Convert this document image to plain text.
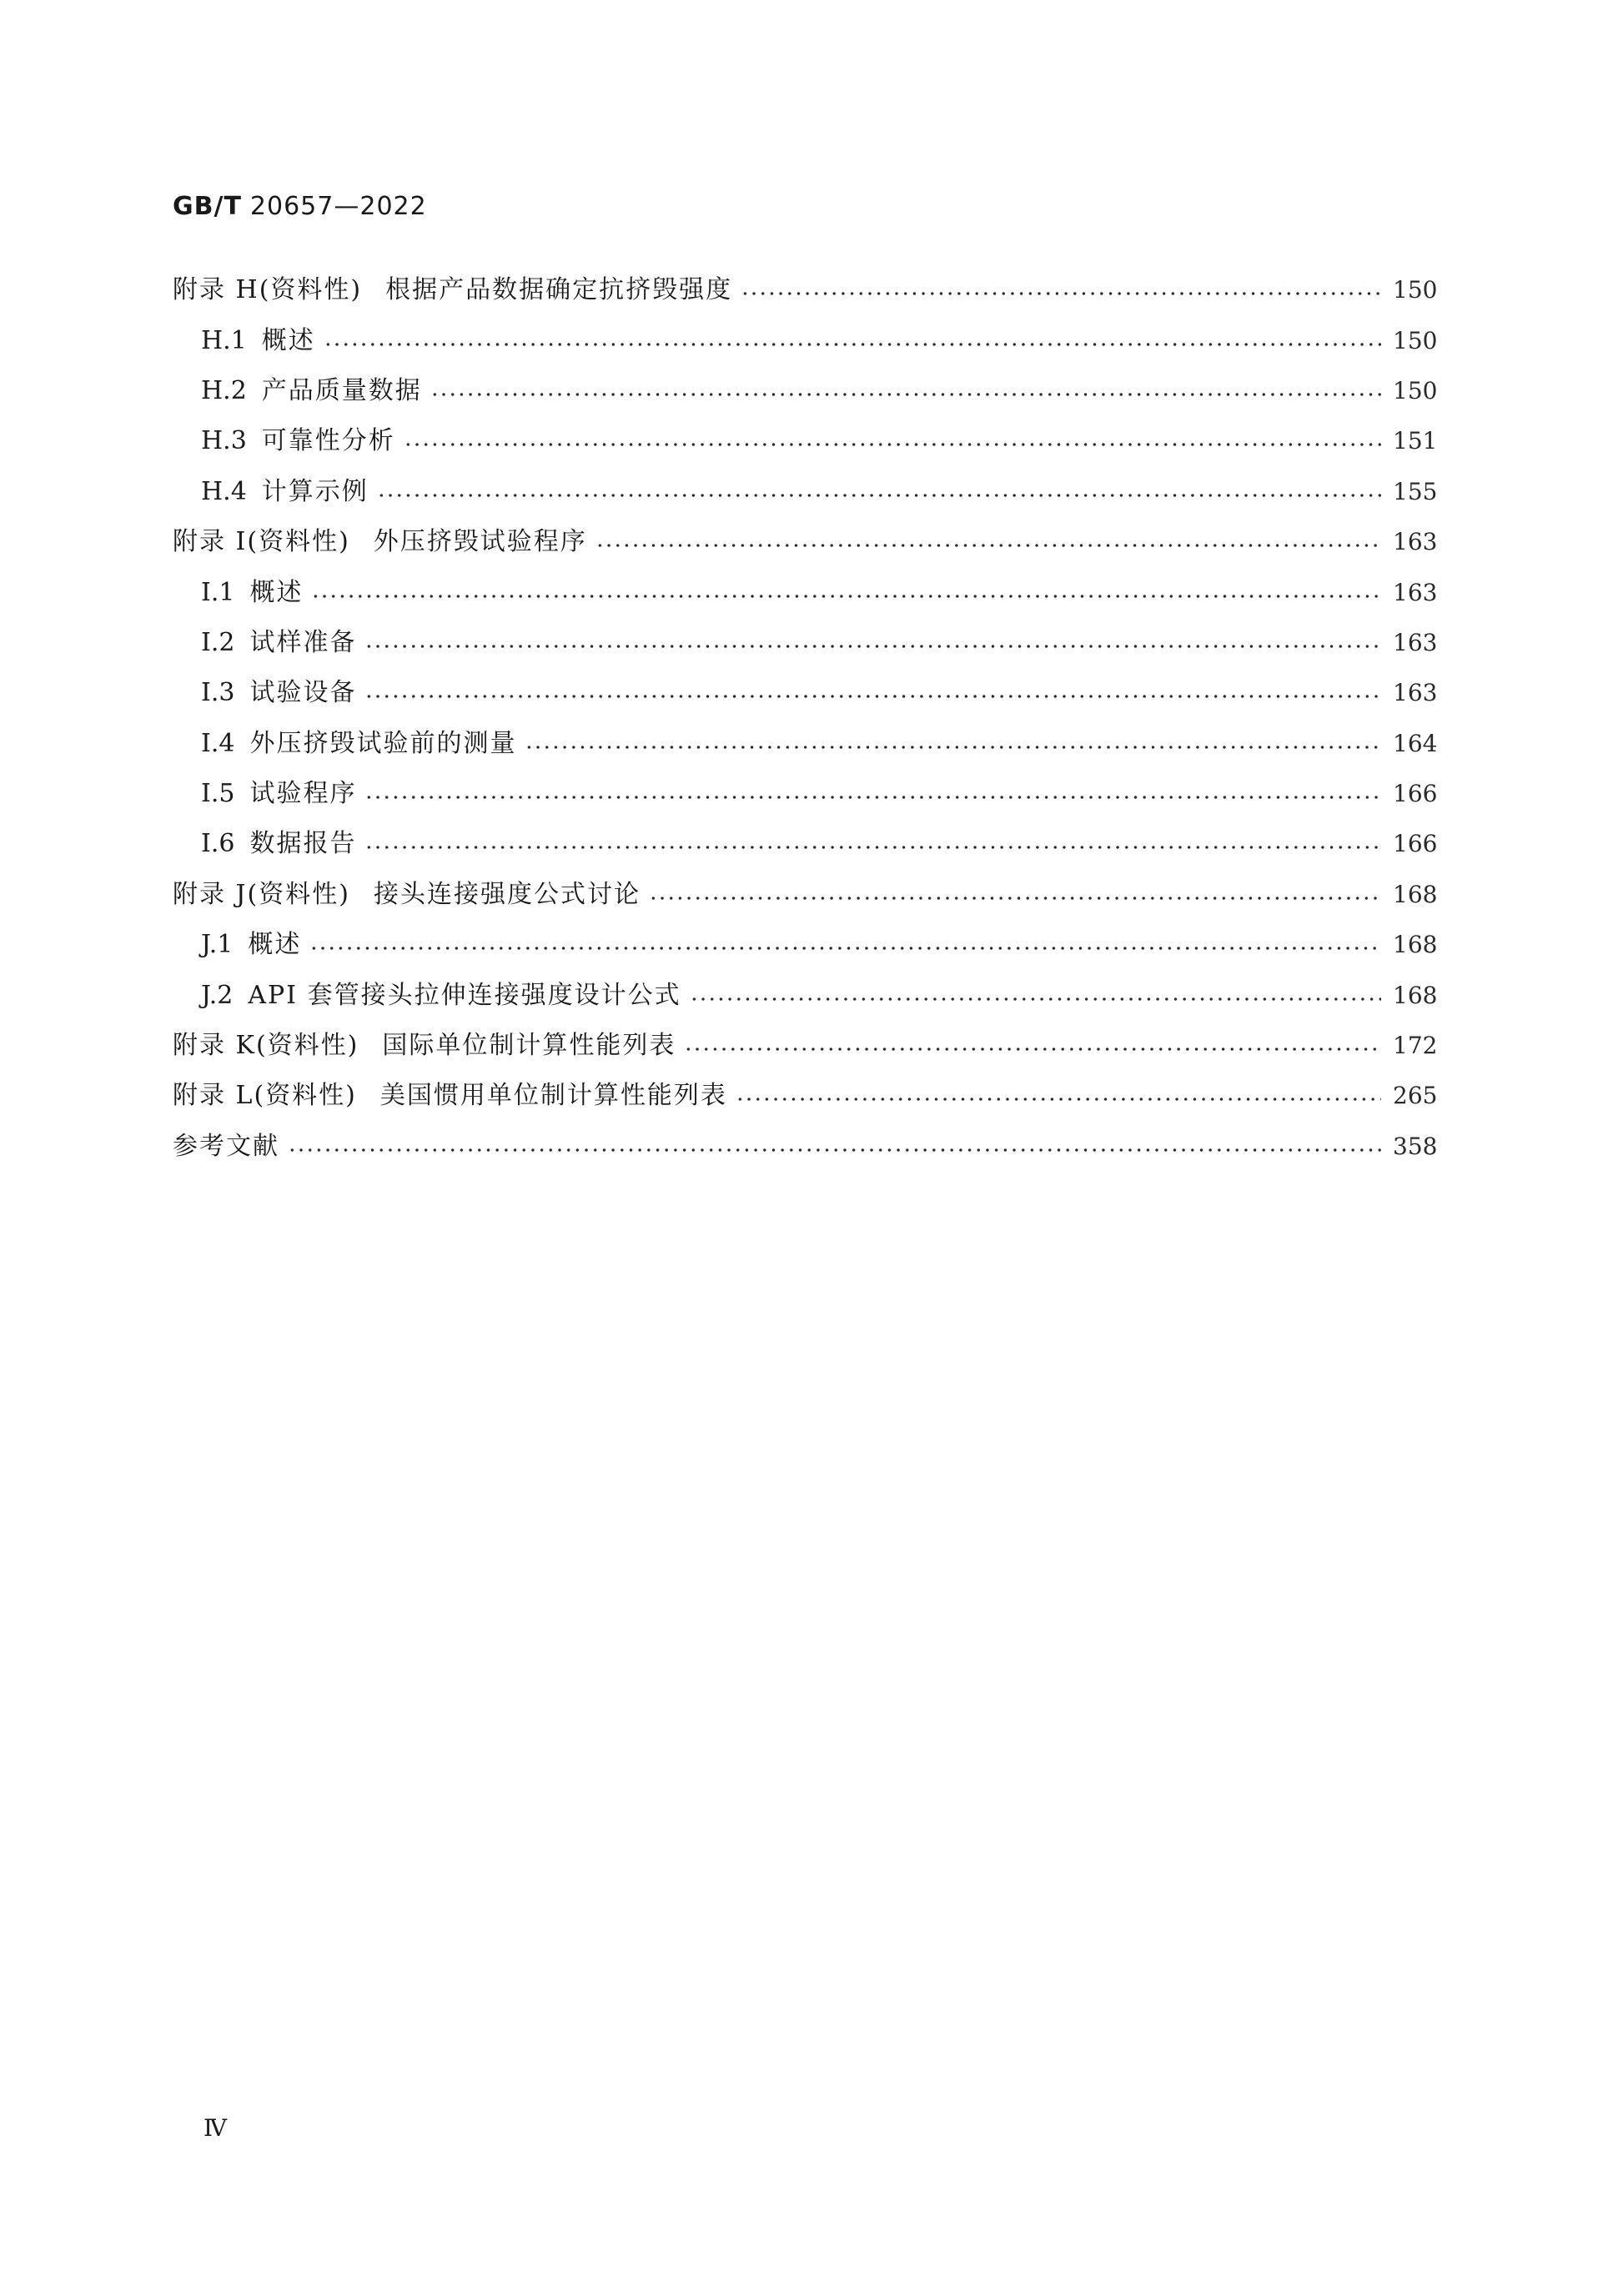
GB/T 20657—2022
附录 H(资料性) 根据产品数据确定抗挤毁强度	150
H.1 概述	150
H.2 产品质量数据	150
H.3 可靠性分析	151
H.4 计算示例	155
附录 I(资料性) 外压挤毁试验程序	163
I.1 概述	163
I.2 试样准备	163
I.3 试验设备	163
I.4 外压挤毁试验前的测量	164
I.5 试验程序	166
I.6 数据报告	166
附录 J(资料性) 接头连接强度公式讨论	168
J.1 概述	168
J.2 API 套管接头拉伸连接强度设计公式	168
附录 K(资料性) 国际单位制计算性能列表	172
附录 L(资料性) 美国惯用单位制计算性能列表	265
参考文献	358
Ⅳ
